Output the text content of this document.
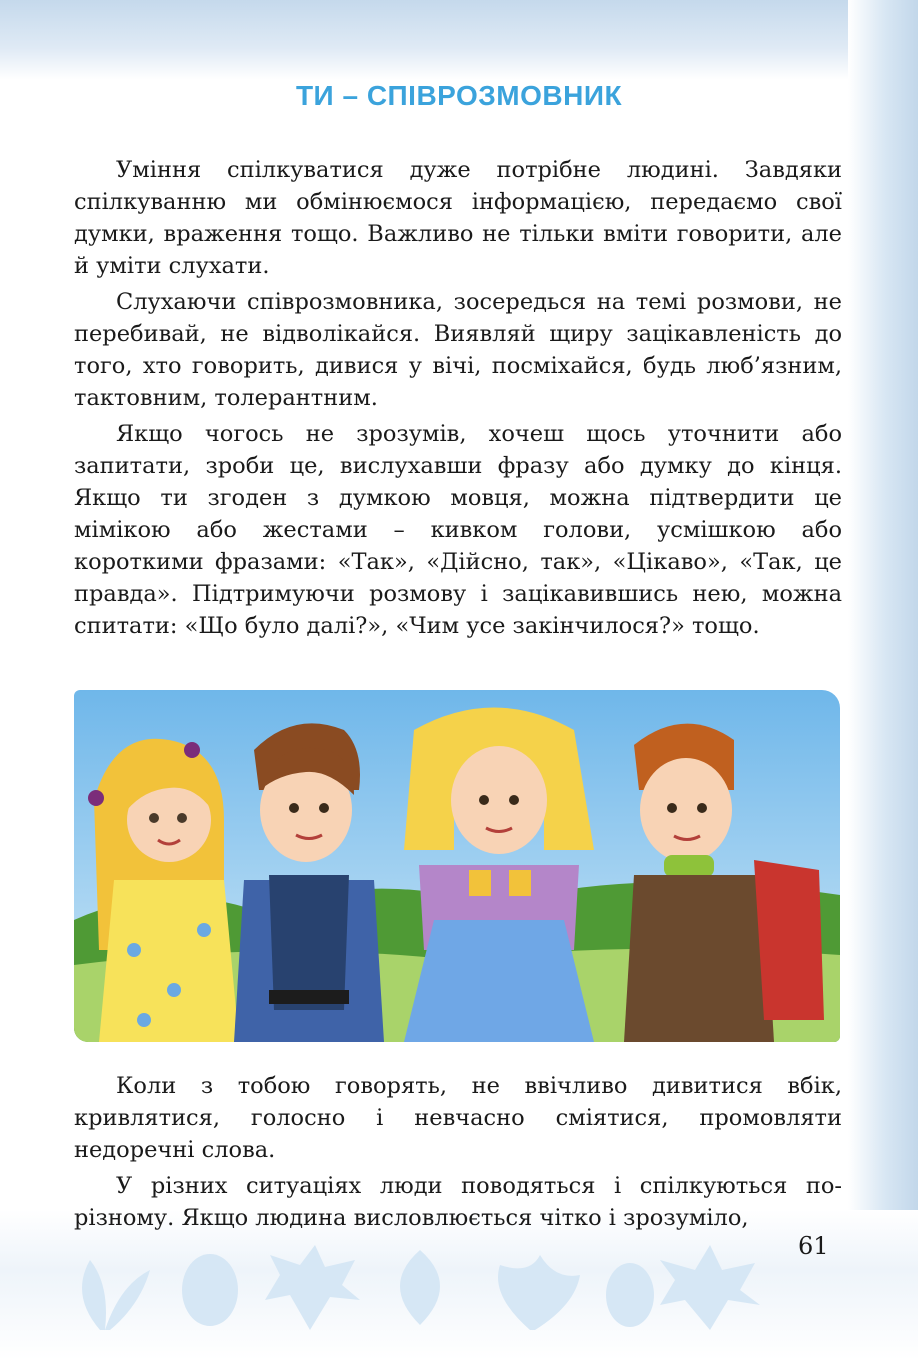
ТИ – СПІВРОЗМОВНИК

Уміння спілкуватися дуже потрібне людині. Завдяки спілкуванню ми обмінюємося інформацією, передаємо свої думки, враження тощо. Важливо не тільки вміти говорити, але й уміти слухати.

Слухаючи співрозмовника, зосередься на темі розмови, не перебивай, не відволікайся. Виявляй щиру зацікавленість до того, хто говорить, дивися у вічі, посміхайся, будь люб’язним, тактовним, толерантним.

Якщо чогось не зрозумів, хочеш щось уточнити або запитати, зроби це, вислухавши фразу або думку до кінця. Якщо ти згоден з думкою мовця, можна підтвердити це мімікою або жестами – кивком голови, усмішкою або короткими фразами: «Так», «Дійсно, так», «Цікаво», «Так, це правда». Підтримуючи розмову і зацікавившись нею, можна спитати: «Що було далі?», «Чим усе закінчилося?» тощо.

Коли з тобою говорять, не ввічливо дивитися вбік, кривлятися, голосно і невчасно сміятися, промовляти недоречні слова.

У різних ситуаціях люди поводяться і спілкуються по-різному. Якщо людина висловлюється чітко і зрозуміло,

61
